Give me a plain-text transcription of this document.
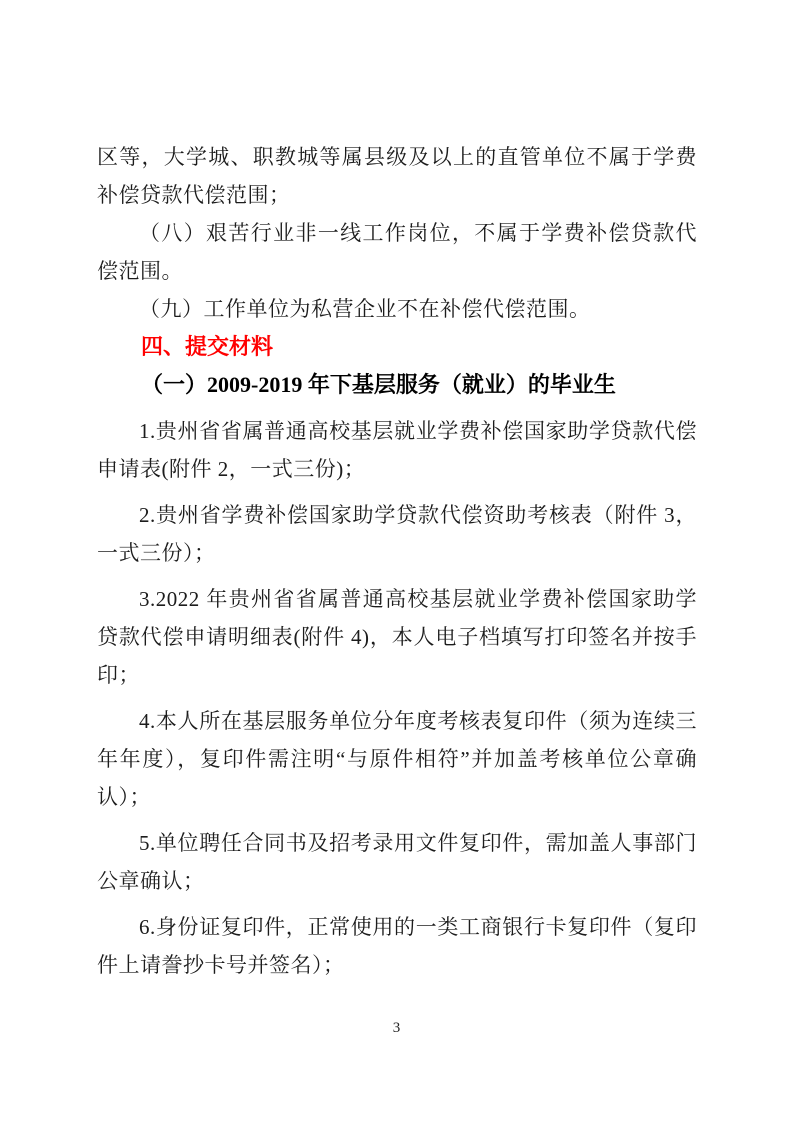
区等，大学城、职教城等属县级及以上的直管单位不属于学费补偿贷款代偿范围；

（八）艰苦行业非一线工作岗位，不属于学费补偿贷款代偿范围。

（九）工作单位为私营企业不在补偿代偿范围。

四、提交材料

（一）2009-2019 年下基层服务（就业）的毕业生

1.贵州省省属普通高校基层就业学费补偿国家助学贷款代偿申请表(附件 2，一式三份)；

2.贵州省学费补偿国家助学贷款代偿资助考核表（附件 3，一式三份）；

3.2022 年贵州省省属普通高校基层就业学费补偿国家助学贷款代偿申请明细表(附件 4)，本人电子档填写打印签名并按手印；

4.本人所在基层服务单位分年度考核表复印件（须为连续三年年度），复印件需注明“与原件相符”并加盖考核单位公章确认）；

5.单位聘任合同书及招考录用文件复印件，需加盖人事部门公章确认；

6.身份证复印件，正常使用的一类工商银行卡复印件（复印件上请誊抄卡号并签名）；

3
